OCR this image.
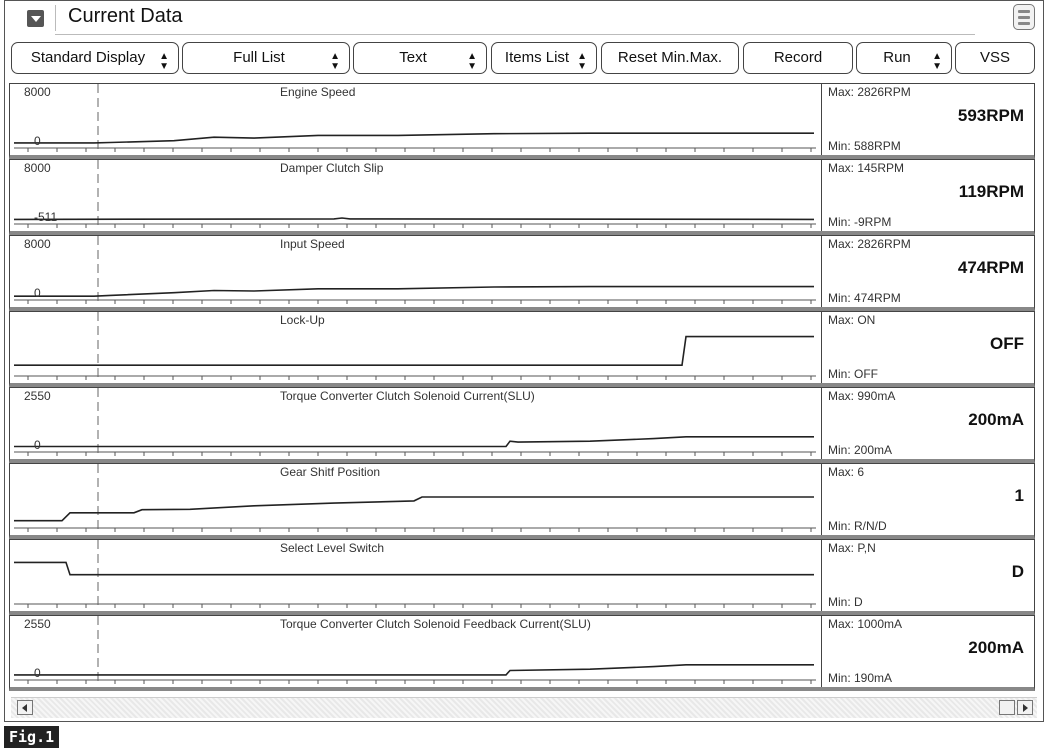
Current Data
Standard Display	▲
▼
Full List	▲
▼
Text	▲
▼
Items List ▲
▼
Reset Min.Max.	Record	Run	▲
▼
VSS
8000
0
Engine Speed	Max: 2826RPM
593RPM
Min: 588RPM
8000
-511
Damper Clutch Slip	Max: 145RPM
119RPM
Min: -9RPM
8000
0
Input Speed	Max: 2826RPM
474RPM
Min: 474RPM
Lock-Up	Max: ON
OFF
Min: OFF
2550
0
Torque Converter Clutch Solenoid Current(SLU)	Max: 990mA
200mA
Min: 200mA
Gear Shitf Position	Max: 6
1
Min: R/N/D
Select Level Switch	Max: P,N
D
Min: D
2550
0
Torque Converter Clutch Solenoid Feedback Current(SLU)	Max: 1000mA
200mA
Min: 190mA
Fig.1
